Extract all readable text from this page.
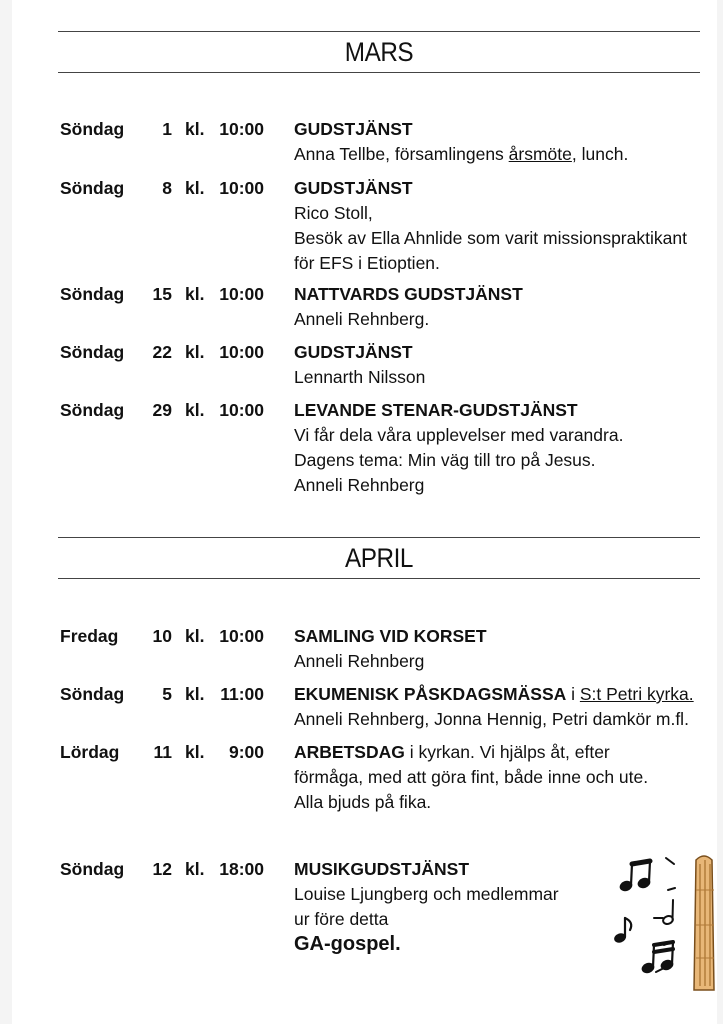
MARS
Söndag	1 kl. 10:00 GUDSTJÄNST
Anna Tellbe, församlingens årsmöte, lunch.
Söndag	8 kl. 10:00 GUDSTJÄNST
Rico Stoll,
Besök av Ella Ahnlide som varit missionspraktikant
för EFS i Etioptien.
Söndag	15 kl. 10:00 NATTVARDS GUDSTJÄNST
Anneli Rehnberg.
Söndag	22 kl. 10:00 GUDSTJÄNST
Lennarth Nilsson
Söndag	29 kl. 10:00 LEVANDE STENAR-GUDSTJÄNST
Vi får dela våra upplevelser med varandra.
Dagens tema: Min väg till tro på Jesus.
Anneli Rehnberg
APRIL
Fredag	10 kl. 10:00 SAMLING VID KORSET
Anneli Rehnberg
Söndag	5 kl. 11:00 EKUMENISK PÅSKDAGSMÄSSA i S:t Petri kyrka.
Anneli Rehnberg, Jonna Hennig, Petri damkör m.fl.
Lördag	11 kl.	9:00 ARBETSDAG i kyrkan. Vi hjälps åt, efter
förmåga, med att göra fint, både inne och ute.
Alla bjuds på fika.
Söndag	12 kl. 18:00 MUSIKGUDSTJÄNST
Louise Ljungberg och medlemmar
ur före detta
GA-gospel.
